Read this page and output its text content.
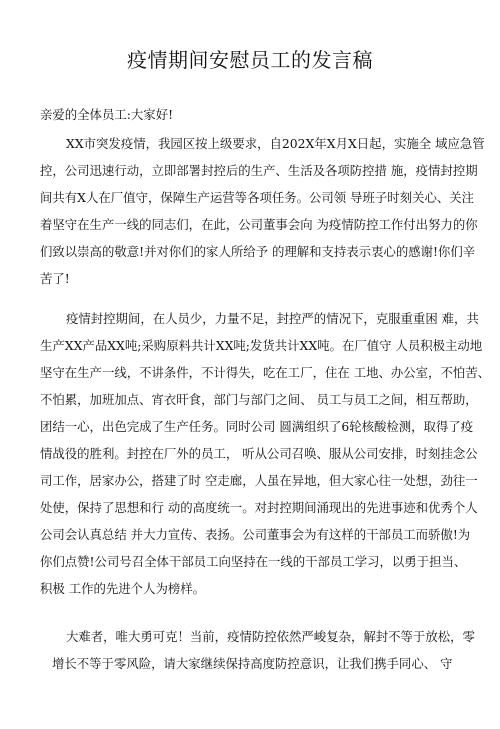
疫情期间安慰员工的发言稿
亲爱的全体员工:大家好!
XX市突发疫情，我园区按上级要求，自202X年X月X日起，实施全 域应急管
控，公司迅速行动，立即部署封控后的生产、生活及各项防控措 施，疫情封控期
间共有X人在厂值守，保障生产运营等各项任务。公司领 导班子时刻关心、关注
着坚守在生产一线的同志们，在此，公司董事会向 为疫情防控工作付出努力的你
们致以崇高的敬意!并对你们的家人所给予 的理解和支持表示衷心的感谢!你们辛
苦了!
疫情封控期间，在人员少，力量不足，封控严的情况下，克服重重困 难，共
生产XX产品XX吨;采购原料共计XX吨;发货共计XX吨。在厂值守 人员积极主动地
坚守在生产一线，不讲条件，不计得失，吃在工厂，住在 工地、办公室，不怕苦、
不怕累，加班加点、宵衣旰食，部门与部门之间、 员工与员工之间，相互帮助，
团结一心，出色完成了生产任务。同时公司 圆满组织了6轮核酸检测，取得了疫
情战役的胜利。封控在厂外的员工， 听从公司召唤、服从公司安排，时刻挂念公
司工作，居家办公，搭建了时 空走廊，人虽在异地，但大家心往一处想，劲往一
处使，保持了思想和行 动的高度统一。对封控期间涌现出的先进事迹和优秀个人
公司会认真总结 并大力宣传、表扬。公司董事会为有这样的干部员工而骄傲!为
你们点赞!公司号召全体干部员工向坚持在一线的干部员工学习，以勇于担当、
积极 工作的先进个人为榜样。
大难者，唯大勇可克！当前，疫情防控依然严峻复杂，解封不等于放松，零
增长不等于零风险，请大家继续保持高度防控意识，让我们携手同心、 守
